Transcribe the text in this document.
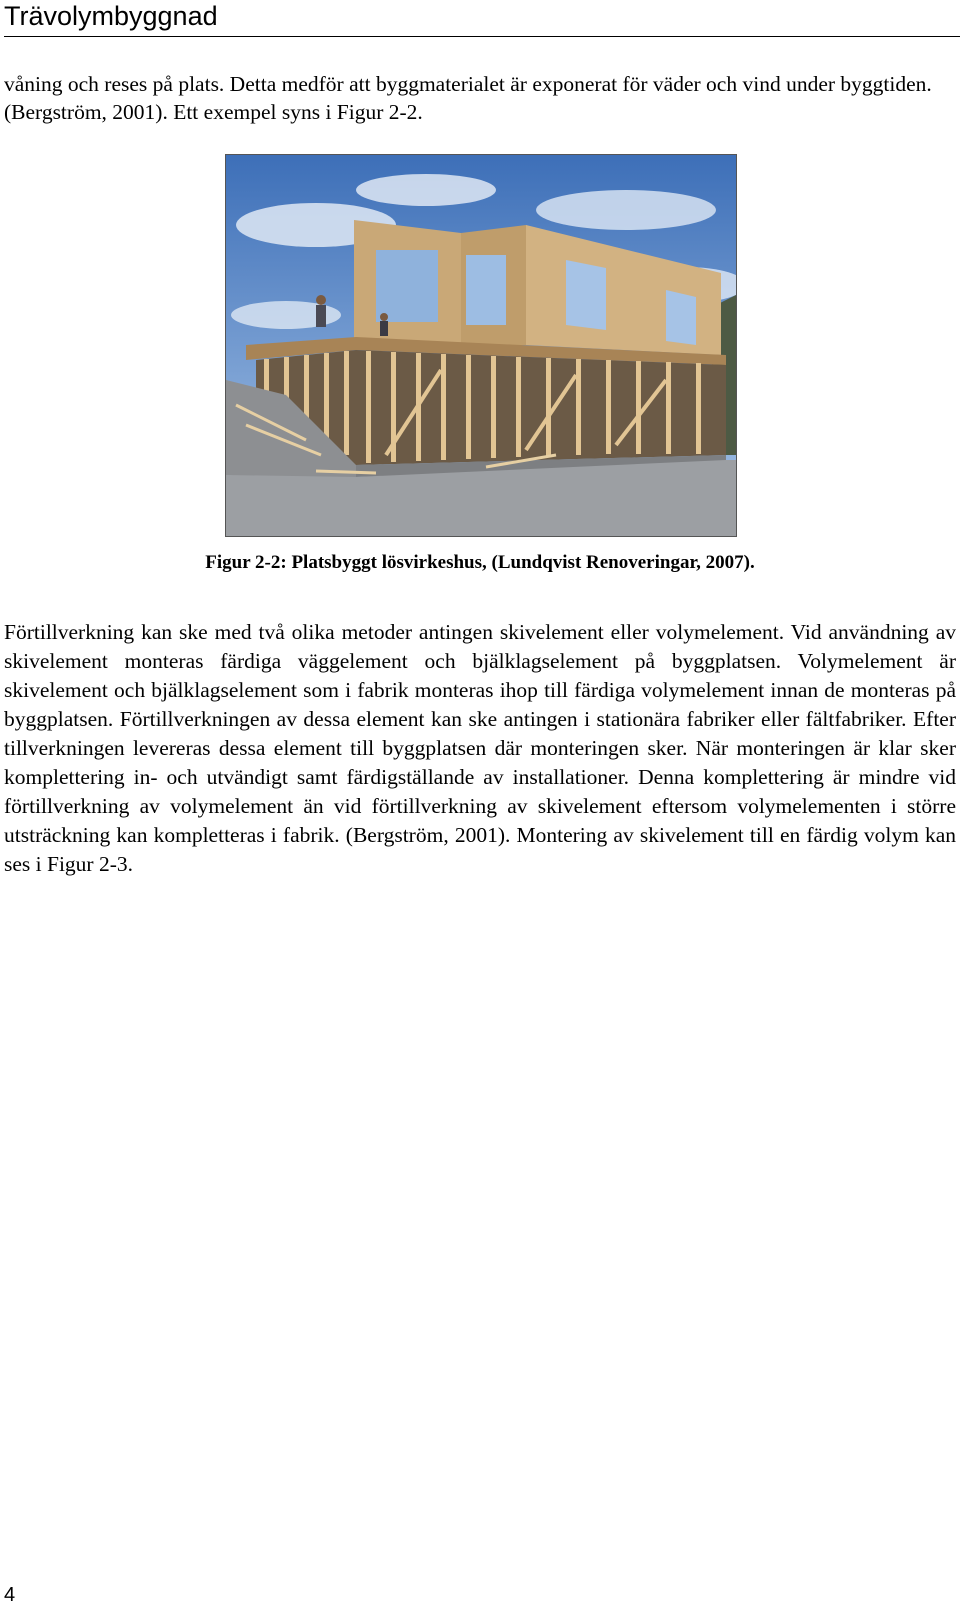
Trävolymbyggnad

våning och reses på plats. Detta medför att byggmaterialet är exponerat för väder och vind under byggtiden. (Bergström, 2001). Ett exempel syns i Figur 2-2.

Figur 2-2: Platsbyggt lösvirkeshus, (Lundqvist Renoveringar, 2007).

Förtillverkning kan ske med två olika metoder antingen skivelement eller volymelement. Vid användning av skivelement monteras färdiga väggelement och bjälklagselement på byggplatsen. Volymelement är skivelement och bjälklagselement som i fabrik monteras ihop till färdiga volymelement innan de monteras på byggplatsen. Förtillverkningen av dessa element kan ske antingen i stationära fabriker eller fältfabriker. Efter tillverkningen levereras dessa element till byggplatsen där monteringen sker. När monteringen är klar sker komplettering in- och utvändigt samt färdigställande av installationer. Denna komplettering är mindre vid förtillverkning av volymelement än vid förtillverkning av skivelement eftersom volymelementen i större utsträckning kan kompletteras i fabrik. (Bergström, 2001). Montering av skivelement till en färdig volym kan ses i Figur 2-3.

4
